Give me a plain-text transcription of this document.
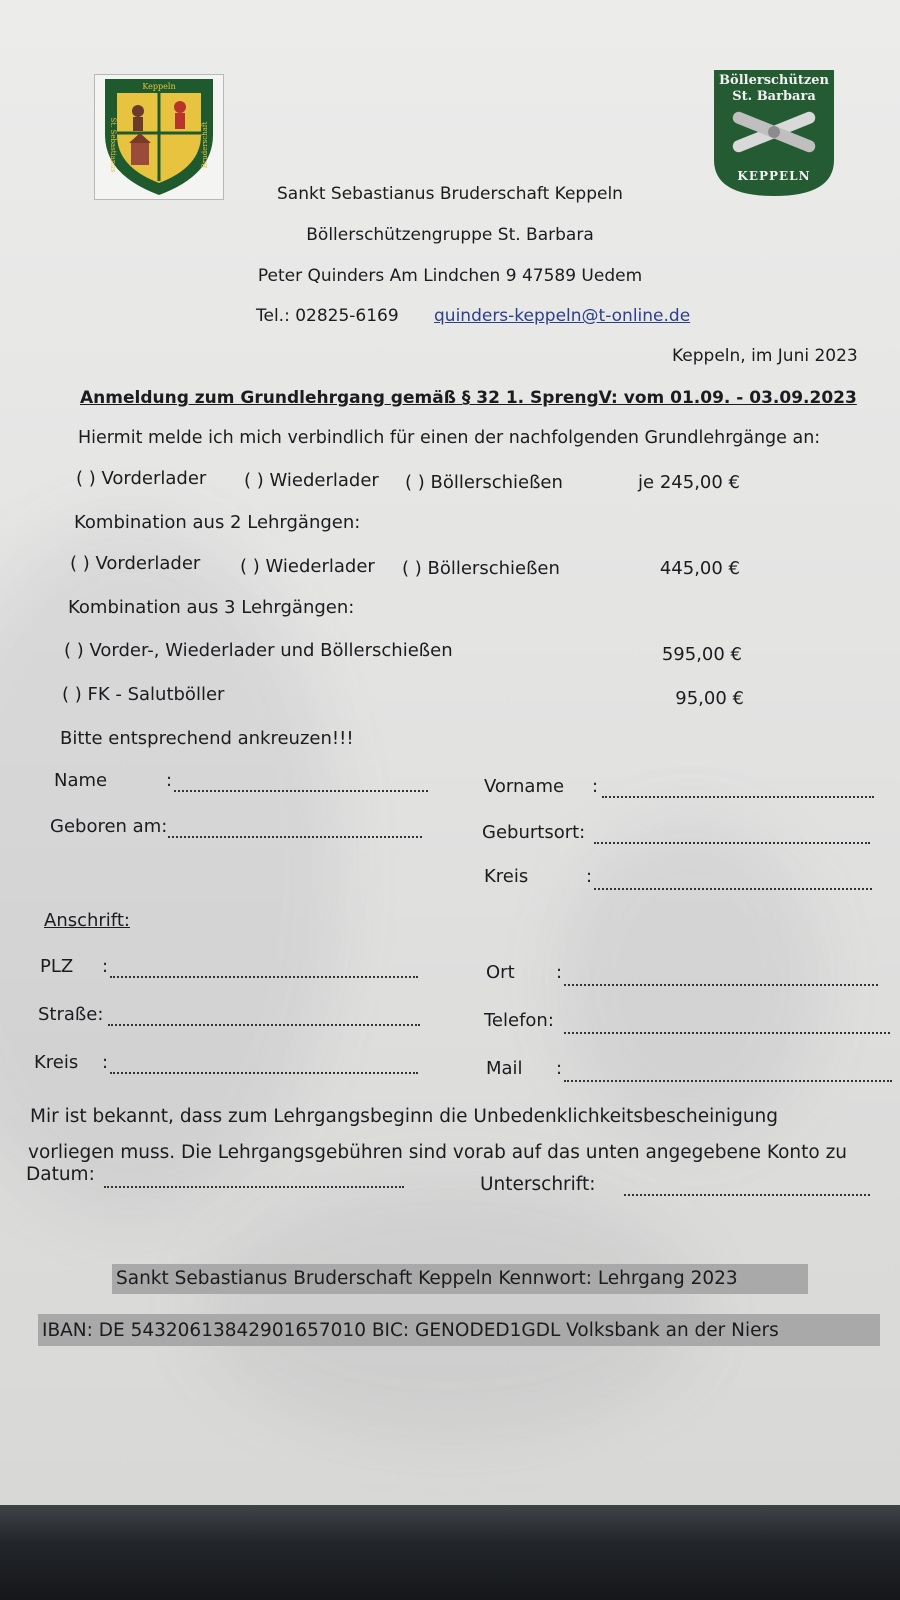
Keppeln
St. Sebastianus	Bruderschaft
Böllerschützen
St. Barbara
KEPPELN
Sankt Sebastianus Bruderschaft Keppeln
Böllerschützengruppe St. Barbara
Peter Quinders Am Lindchen 9 47589 Uedem
Tel.: 02825-6169 quinders-keppeln@t-online.de
Keppeln, im Juni 2023
Anmeldung zum Grundlehrgang gemäß § 32 1. SprengV: vom 01.09. - 03.09.2023
Hiermit melde ich mich verbindlich für einen der nachfolgenden Grundlehrgänge an:
( ) Vorderlader ( ) Wiederlader ( ) Böllerschießen	je 245,00 €
Kombination aus 2 Lehrgängen:
( ) Vorderlader ( ) Wiederlader ( ) Böllerschießen	445,00 €
Kombination aus 3 Lehrgängen:
( ) Vorder-, Wiederlader und Böllerschießen	595,00 €
( ) FK - Salutböller	95,00 €
Bitte entsprechend ankreuzen!!!
Name	:	Vorname :
Geboren am:	Geburtsort:
Kreis	:
Anschrift:
PLZ :	Ort :
Straße:	Telefon:
Kreis :	Mail :
Mir ist bekannt, dass zum Lehrgangsbeginn die Unbedenklichkeitsbescheinigung
vorliegen muss. Die Lehrgangsgebühren sind vorab auf das unten angegebene Konto zu
Datum:	Unterschrift:
Sankt Sebastianus Bruderschaft Keppeln Kennwort: Lehrgang 2023
IBAN: DE 54320613842901657010 BIC: GENODED1GDL Volksbank an der Niers
